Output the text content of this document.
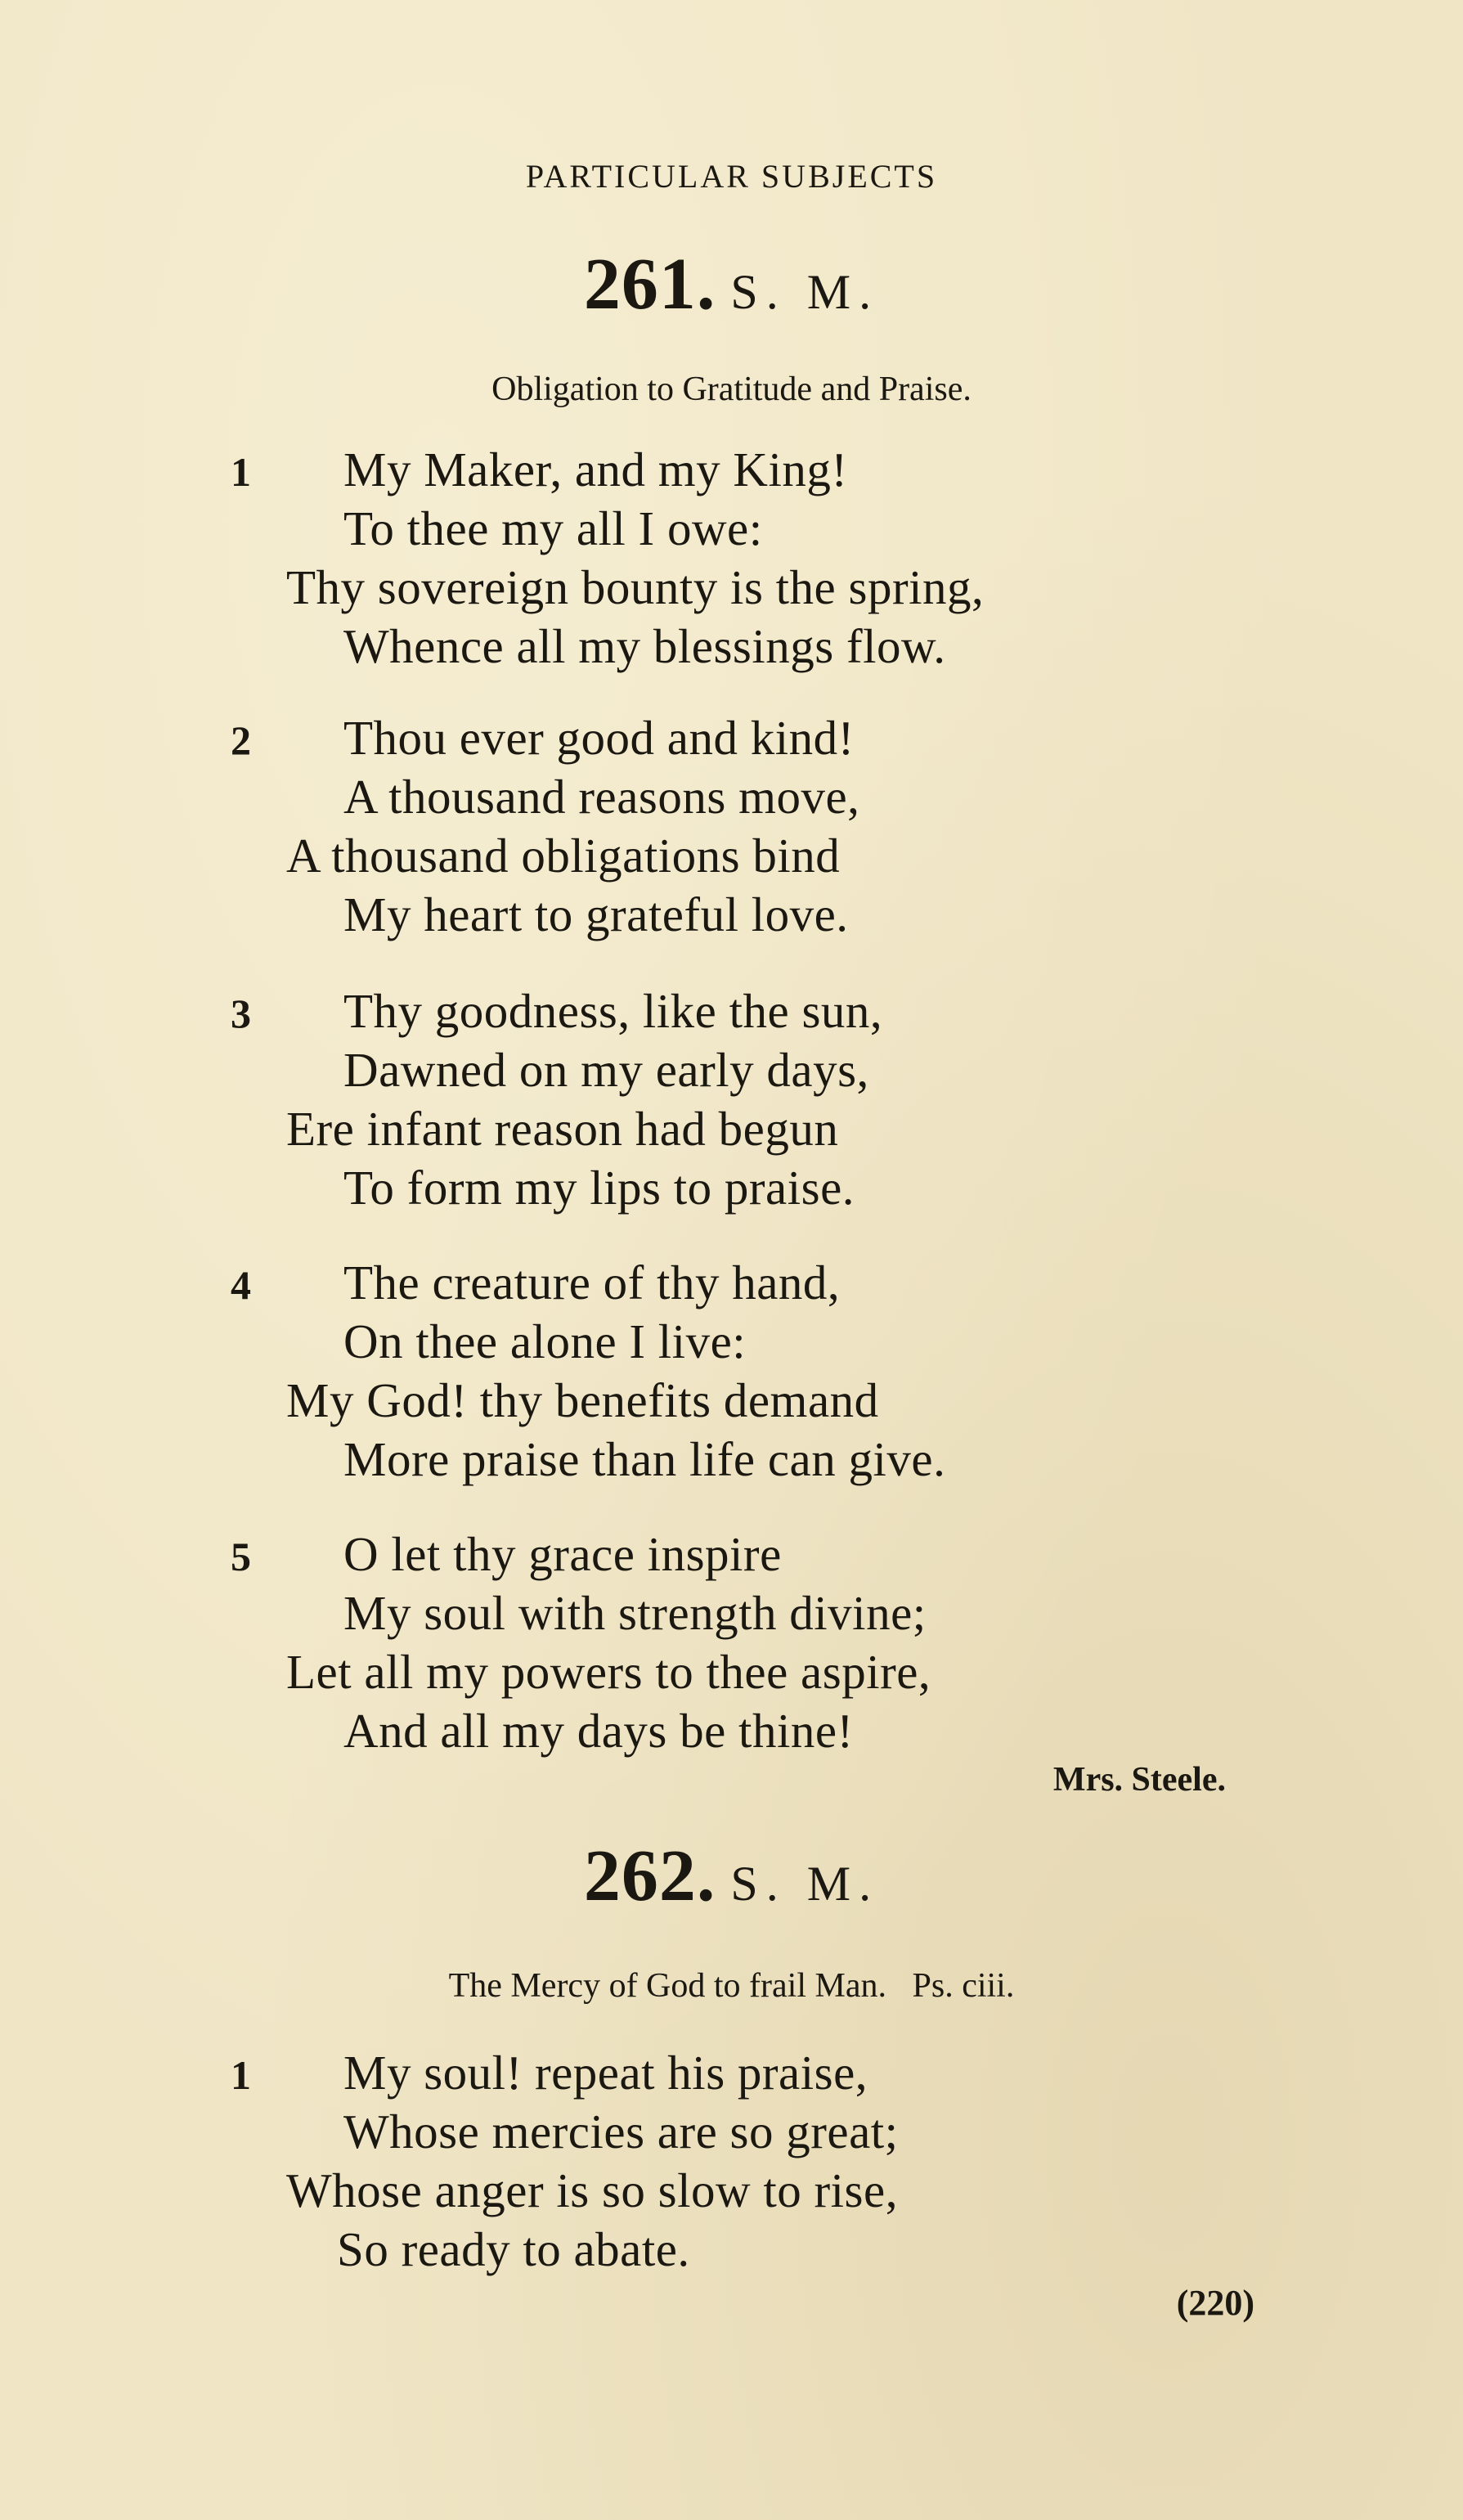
PARTICULAR SUBJECTS
261. S. M.
Obligation to Gratitude and Praise.
1 My Maker, and my King!
To thee my all I owe:
Thy sovereign bounty is the spring,
Whence all my blessings flow.
2 Thou ever good and kind!
A thousand reasons move,
A thousand obligations bind
My heart to grateful love.
3 Thy goodness, like the sun,
Dawned on my early days,
Ere infant reason had begun
To form my lips to praise.
4 The creature of thy hand,
On thee alone I live:
My God! thy benefits demand
More praise than life can give.
5 O let thy grace inspire
My soul with strength divine;
Let all my powers to thee aspire,
And all my days be thine!
Mrs. Steele.
262. S. M.
The Mercy of God to frail Man.   Ps. ciii.
1 My soul! repeat his praise,
Whose mercies are so great;
Whose anger is so slow to rise,
So ready to abate.
(220)
